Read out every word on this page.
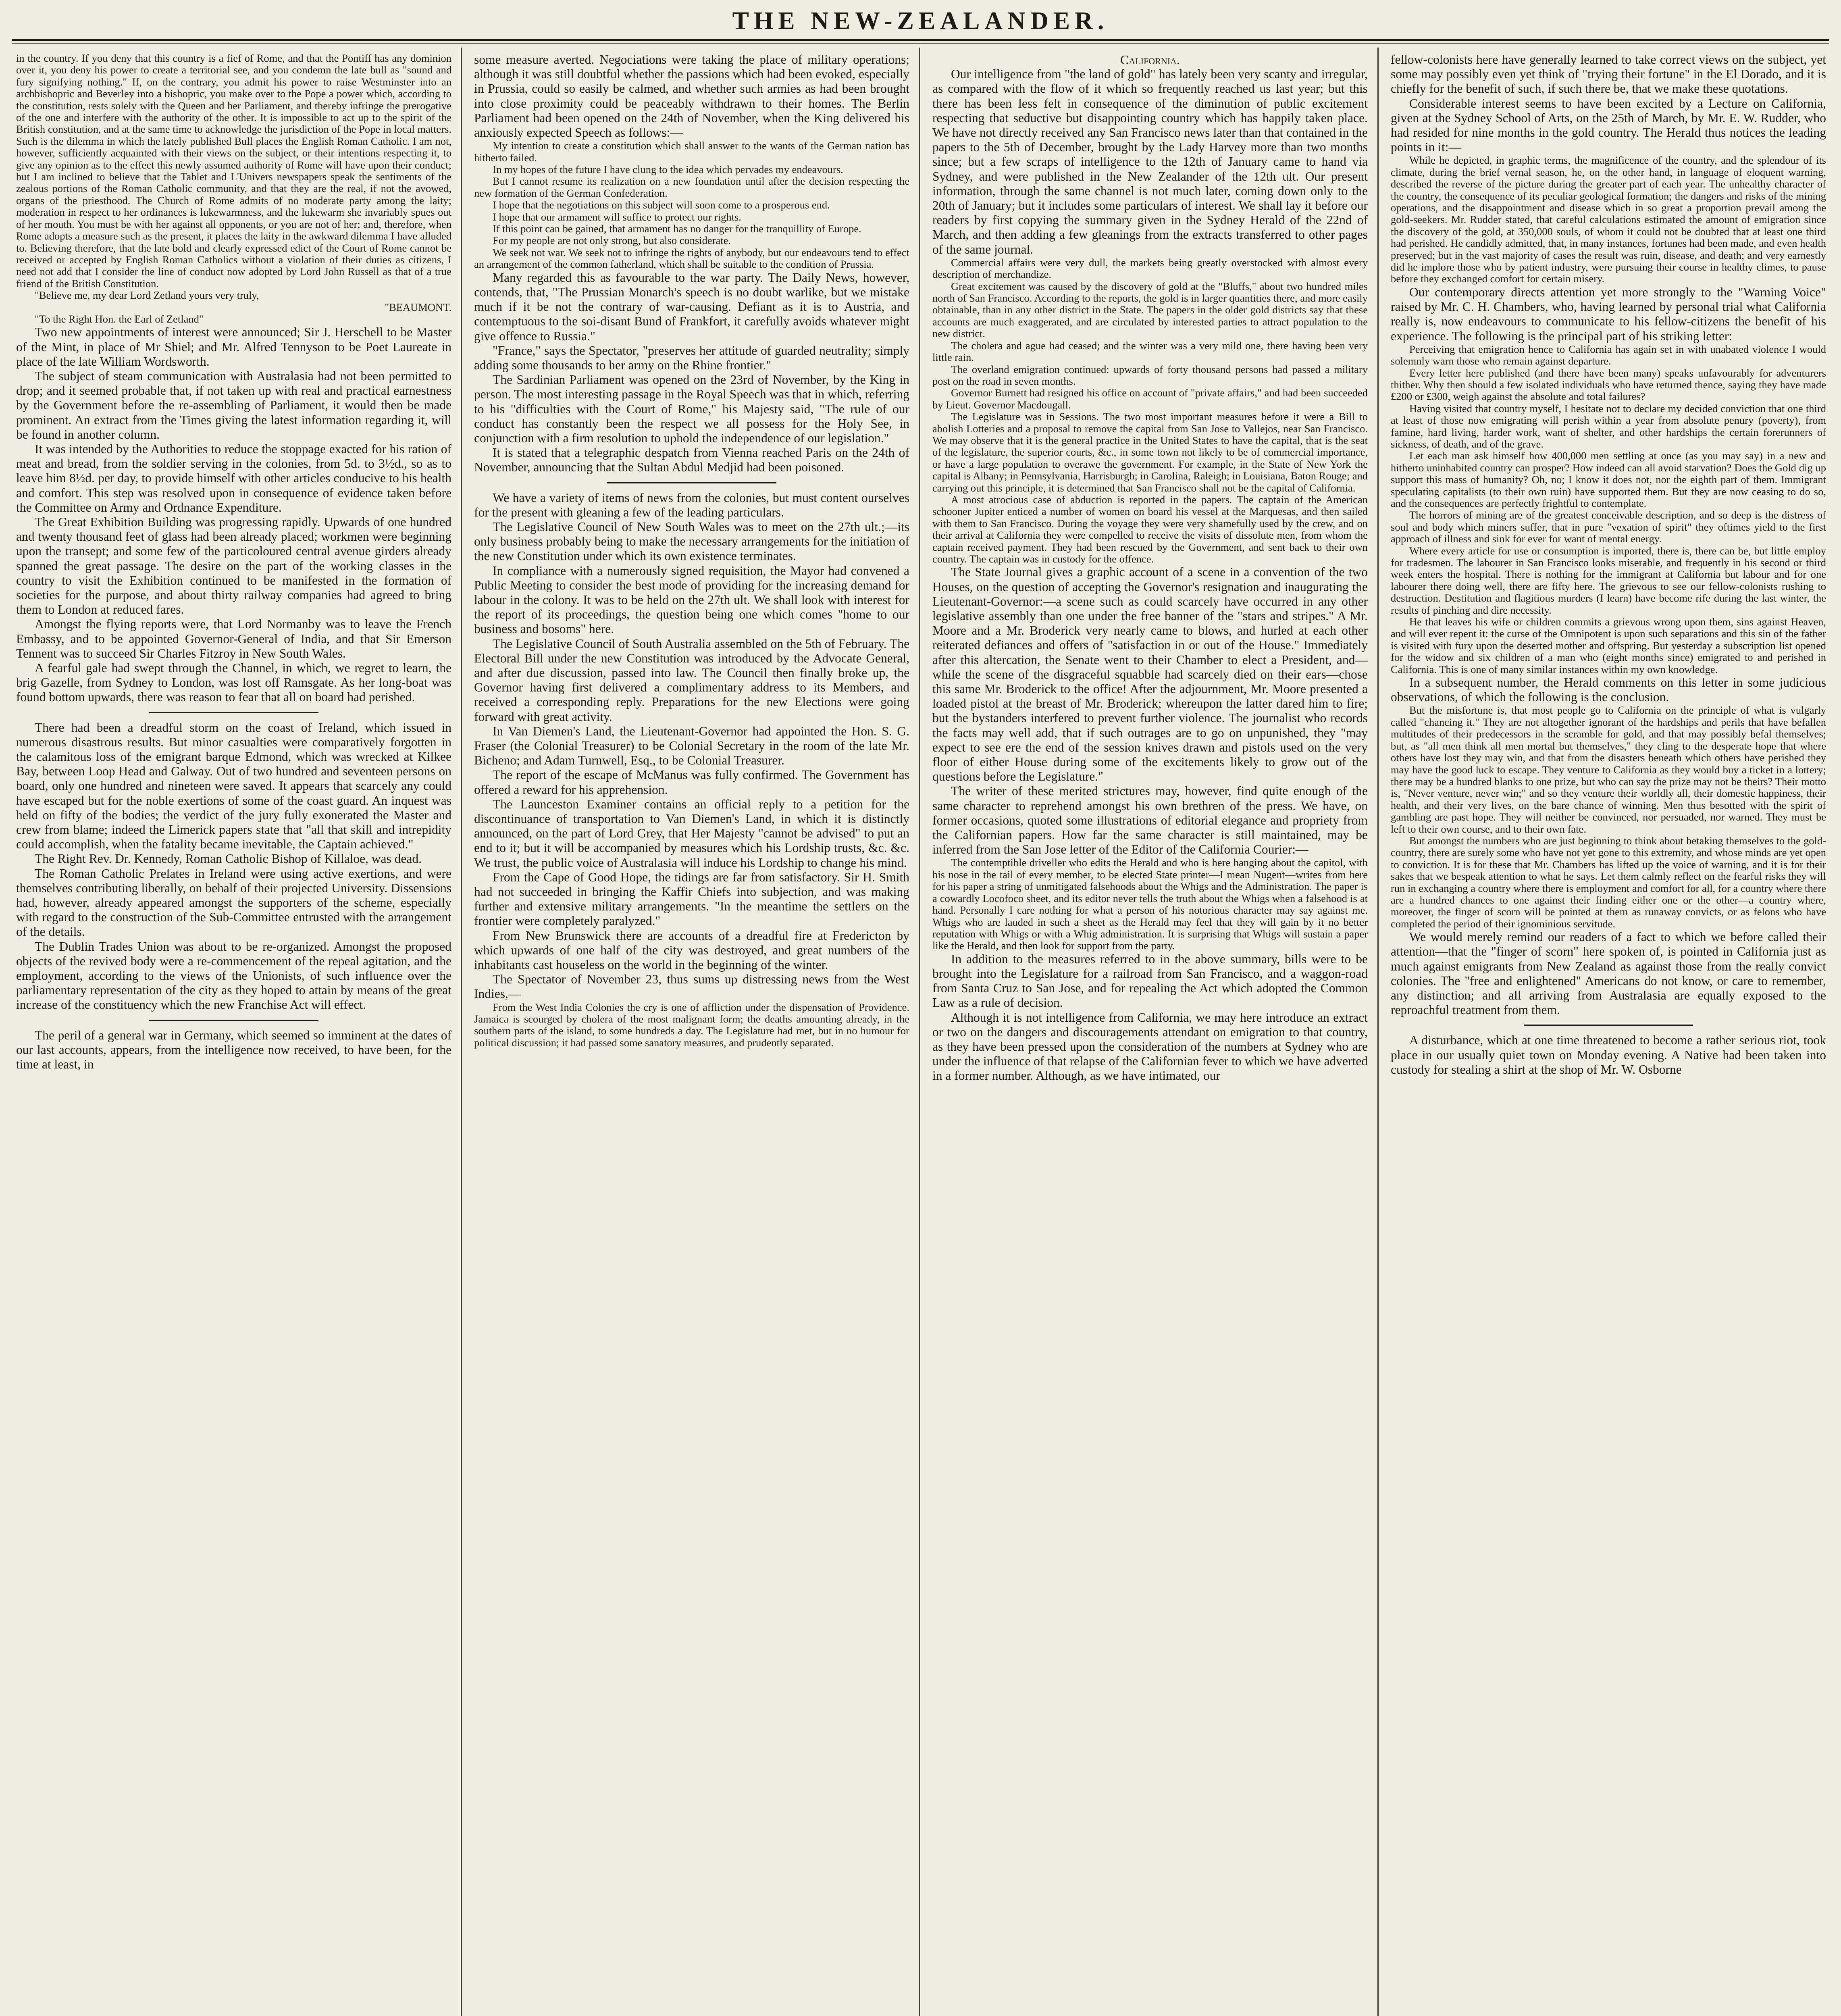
THE NEW-ZEALANDER.

in the country. If you deny that this country is a fief of Rome, and that the Pontiff has any dominion over it, you deny his power to create a territorial see, and you condemn the late bull as "sound and fury signifying nothing." If, on the contrary, you admit his power to raise Westminster into an archbishopric and Beverley into a bishopric, you make over to the Pope a power which, according to the constitution, rests solely with the Queen and her Parliament, and thereby infringe the prerogative of the one and interfere with the authority of the other. It is impossible to act up to the spirit of the British constitution, and at the same time to acknowledge the jurisdiction of the Pope in local matters. Such is the dilemma in which the lately published Bull places the English Roman Catholic. I am not, however, sufficiently acquainted with their views on the subject, or their intentions respecting it, to give any opinion as to the effect this newly assumed authority of Rome will have upon their conduct; but I am inclined to believe that the Tablet and L'Univers newspapers speak the sentiments of the zealous portions of the Roman Catholic community, and that they are the real, if not the avowed, organs of the priesthood. The Church of Rome admits of no moderate party among the laity; moderation in respect to her ordinances is lukewarmness, and the lukewarm she invariably spues out of her mouth. You must be with her against all opponents, or you are not of her; and, therefore, when Rome adopts a measure such as the present, it places the laity in the awkward dilemma I have alluded to. Believing therefore, that the late bold and clearly expressed edict of the Court of Rome cannot be received or accepted by English Roman Catholics without a violation of their duties as citizens, I need not add that I consider the line of conduct now adopted by Lord John Russell as that of a true friend of the British Constitution.

"Believe me, my dear Lord Zetland yours very truly,

"BEAUMONT.

"To the Right Hon. the Earl of Zetland"

Two new appointments of interest were announced; Sir J. Herschell to be Master of the Mint, in place of Mr Shiel; and Mr. Alfred Tennyson to be Poet Laureate in place of the late William Wordsworth.

The subject of steam communication with Australasia had not been permitted to drop; and it seemed probable that, if not taken up with real and practical earnestness by the Government before the re-assembling of Parliament, it would then be made prominent. An extract from the Times giving the latest information regarding it, will be found in another column.

It was intended by the Authorities to reduce the stoppage exacted for his ration of meat and bread, from the soldier serving in the colonies, from 5d. to 3½d., so as to leave him 8½d. per day, to provide himself with other articles conducive to his health and comfort. This step was resolved upon in consequence of evidence taken before the Committee on Army and Ordnance Expenditure.

The Great Exhibition Building was progressing rapidly. Upwards of one hundred and twenty thousand feet of glass had been already placed; workmen were beginning upon the transept; and some few of the particoloured central avenue girders already spanned the great passage. The desire on the part of the working classes in the country to visit the Exhibition continued to be manifested in the formation of societies for the purpose, and about thirty railway companies had agreed to bring them to London at reduced fares.

Amongst the flying reports were, that Lord Normanby was to leave the French Embassy, and to be appointed Governor-General of India, and that Sir Emerson Tennent was to succeed Sir Charles Fitzroy in New South Wales.

A fearful gale had swept through the Channel, in which, we regret to learn, the brig Gazelle, from Sydney to London, was lost off Ramsgate. As her long-boat was found bottom upwards, there was reason to fear that all on board had perished.

There had been a dreadful storm on the coast of Ireland, which issued in numerous disastrous results. But minor casualties were comparatively forgotten in the calamitous loss of the emigrant barque Edmond, which was wrecked at Kilkee Bay, between Loop Head and Galway. Out of two hundred and seventeen persons on board, only one hundred and nineteen were saved. It appears that scarcely any could have escaped but for the noble exertions of some of the coast guard. An inquest was held on fifty of the bodies; the verdict of the jury fully exonerated the Master and crew from blame; indeed the Limerick papers state that "all that skill and intrepidity could accomplish, when the fatality became inevitable, the Captain achieved."

The Right Rev. Dr. Kennedy, Roman Catholic Bishop of Killaloe, was dead.

The Roman Catholic Prelates in Ireland were using active exertions, and were themselves contributing liberally, on behalf of their projected University. Dissensions had, however, already appeared amongst the supporters of the scheme, especially with regard to the construction of the Sub-Committee entrusted with the arrangement of the details.

The Dublin Trades Union was about to be re-organized. Amongst the proposed objects of the revived body were a re-commencement of the repeal agitation, and the employment, according to the views of the Unionists, of such influence over the parliamentary representation of the city as they hoped to attain by means of the great increase of the constituency which the new Franchise Act will effect.

The peril of a general war in Germany, which seemed so imminent at the dates of our last accounts, appears, from the intelligence now received, to have been, for the time at least, in

some measure averted. Negociations were taking the place of military operations; although it was still doubtful whether the passions which had been evoked, especially in Prussia, could so easily be calmed, and whether such armies as had been brought into close proximity could be peaceably withdrawn to their homes. The Berlin Parliament had been opened on the 24th of November, when the King delivered his anxiously expected Speech as follows:—

My intention to create a constitution which shall answer to the wants of the German nation has hitherto failed.

In my hopes of the future I have clung to the idea which pervades my endeavours.

But I cannot resume its realization on a new foundation until after the decision respecting the new formation of the German Confederation.

I hope that the negotiations on this subject will soon come to a prosperous end.

I hope that our armament will suffice to protect our rights.

If this point can be gained, that armament has no danger for the tranquillity of Europe.

For my people are not only strong, but also considerate.

We seek not war. We seek not to infringe the rights of anybody, but our endeavours tend to effect an arrangement of the common fatherland, which shall be suitable to the condition of Prussia.

Many regarded this as favourable to the war party. The Daily News, however, contends, that, "The Prussian Monarch's speech is no doubt warlike, but we mistake much if it be not the contrary of war-causing. Defiant as it is to Austria, and contemptuous to the soi-disant Bund of Frankfort, it carefully avoids whatever might give offence to Russia."

"France," says the Spectator, "preserves her attitude of guarded neutrality; simply adding some thousands to her army on the Rhine frontier."

The Sardinian Parliament was opened on the 23rd of November, by the King in person. The most interesting passage in the Royal Speech was that in which, referring to his "difficulties with the Court of Rome," his Majesty said, "The rule of our conduct has constantly been the respect we all possess for the Holy See, in conjunction with a firm resolution to uphold the independence of our legislation."

It is stated that a telegraphic despatch from Vienna reached Paris on the 24th of November, announcing that the Sultan Abdul Medjid had been poisoned.

We have a variety of items of news from the colonies, but must content ourselves for the present with gleaning a few of the leading particulars.

The Legislative Council of New South Wales was to meet on the 27th ult.;—its only business probably being to make the necessary arrangements for the initiation of the new Constitution under which its own existence terminates.

In compliance with a numerously signed requisition, the Mayor had convened a Public Meeting to consider the best mode of providing for the increasing demand for labour in the colony. It was to be held on the 27th ult. We shall look with interest for the report of its proceedings, the question being one which comes "home to our business and bosoms" here.

The Legislative Council of South Australia assembled on the 5th of February. The Electoral Bill under the new Constitution was introduced by the Advocate General, and after due discussion, passed into law. The Council then finally broke up, the Governor having first delivered a complimentary address to its Members, and received a corresponding reply. Preparations for the new Elections were going forward with great activity.

In Van Diemen's Land, the Lieutenant-Governor had appointed the Hon. S. G. Fraser (the Colonial Treasurer) to be Colonial Secretary in the room of the late Mr. Bicheno; and Adam Turnwell, Esq., to be Colonial Treasurer.

The report of the escape of McManus was fully confirmed. The Government has offered a reward for his apprehension.

The Launceston Examiner contains an official reply to a petition for the discontinuance of transportation to Van Diemen's Land, in which it is distinctly announced, on the part of Lord Grey, that Her Majesty "cannot be advised" to put an end to it; but it will be accompanied by measures which his Lordship trusts, &c. &c. We trust, the public voice of Australasia will induce his Lordship to change his mind.

From the Cape of Good Hope, the tidings are far from satisfactory. Sir H. Smith had not succeeded in bringing the Kaffir Chiefs into subjection, and was making further and extensive military arrangements. "In the meantime the settlers on the frontier were completely paralyzed."

From New Brunswick there are accounts of a dreadful fire at Fredericton by which upwards of one half of the city was destroyed, and great numbers of the inhabitants cast houseless on the world in the beginning of the winter.

The Spectator of November 23, thus sums up distressing news from the West Indies,—

From the West India Colonies the cry is one of affliction under the dispensation of Providence. Jamaica is scourged by cholera of the most malignant form; the deaths amounting already, in the southern parts of the island, to some hundreds a day. The Legislature had met, but in no humour for political discussion; it had passed some sanatory measures, and prudently separated.

California.

Our intelligence from "the land of gold" has lately been very scanty and irregular, as compared with the flow of it which so frequently reached us last year; but this there has been less felt in consequence of the diminution of public excitement respecting that seductive but disappointing country which has happily taken place. We have not directly received any San Francisco news later than that contained in the papers to the 5th of December, brought by the Lady Harvey more than two months since; but a few scraps of intelligence to the 12th of January came to hand via Sydney, and were published in the New Zealander of the 12th ult. Our present information, through the same channel is not much later, coming down only to the 20th of January; but it includes some particulars of interest. We shall lay it before our readers by first copying the summary given in the Sydney Herald of the 22nd of March, and then adding a few gleanings from the extracts transferred to other pages of the same journal.

Commercial affairs were very dull, the markets being greatly overstocked with almost every description of merchandize.

Great excitement was caused by the discovery of gold at the "Bluffs," about two hundred miles north of San Francisco. According to the reports, the gold is in larger quantities there, and more easily obtainable, than in any other district in the State. The papers in the older gold districts say that these accounts are much exaggerated, and are circulated by interested parties to attract population to the new district.

The cholera and ague had ceased; and the winter was a very mild one, there having been very little rain.

The overland emigration continued: upwards of forty thousand persons had passed a military post on the road in seven months.

Governor Burnett had resigned his office on account of "private affairs," and had been succeeded by Lieut. Governor Macdougall.

The Legislature was in Sessions. The two most important measures before it were a Bill to abolish Lotteries and a proposal to remove the capital from San Jose to Vallejos, near San Francisco. We may observe that it is the general practice in the United States to have the capital, that is the seat of the legislature, the superior courts, &c., in some town not likely to be of commercial importance, or have a large population to overawe the government. For example, in the State of New York the capital is Albany; in Pennsylvania, Harrisburgh; in Carolina, Raleigh; in Louisiana, Baton Rouge; and carrying out this principle, it is determined that San Francisco shall not be the capital of California.

A most atrocious case of abduction is reported in the papers. The captain of the American schooner Jupiter enticed a number of women on board his vessel at the Marquesas, and then sailed with them to San Francisco. During the voyage they were very shamefully used by the crew, and on their arrival at California they were compelled to receive the visits of dissolute men, from whom the captain received payment. They had been rescued by the Government, and sent back to their own country. The captain was in custody for the offence.

The State Journal gives a graphic account of a scene in a convention of the two Houses, on the question of accepting the Governor's resignation and inaugurating the Lieutenant-Governor:—a scene such as could scarcely have occurred in any other legislative assembly than one under the free banner of the "stars and stripes." A Mr. Moore and a Mr. Broderick very nearly came to blows, and hurled at each other reiterated defiances and offers of "satisfaction in or out of the House." Immediately after this altercation, the Senate went to their Chamber to elect a President, and—while the scene of the disgraceful squabble had scarcely died on their ears—chose this same Mr. Broderick to the office! After the adjournment, Mr. Moore presented a loaded pistol at the breast of Mr. Broderick; whereupon the latter dared him to fire; but the bystanders interfered to prevent further violence. The journalist who records the facts may well add, that if such outrages are to go on unpunished, they "may expect to see ere the end of the session knives drawn and pistols used on the very floor of either House during some of the excitements likely to grow out of the questions before the Legislature."

The writer of these merited strictures may, however, find quite enough of the same character to reprehend amongst his own brethren of the press. We have, on former occasions, quoted some illustrations of editorial elegance and propriety from the Californian papers. How far the same character is still maintained, may be inferred from the San Jose letter of the Editor of the California Courier:—

The contemptible driveller who edits the Herald and who is here hanging about the capitol, with his nose in the tail of every member, to be elected State printer—I mean Nugent—writes from here for his paper a string of unmitigated falsehoods about the Whigs and the Administration. The paper is a cowardly Locofoco sheet, and its editor never tells the truth about the Whigs when a falsehood is at hand. Personally I care nothing for what a person of his notorious character may say against me. Whigs who are lauded in such a sheet as the Herald may feel that they will gain by it no better reputation with Whigs or with a Whig administration. It is surprising that Whigs will sustain a paper like the Herald, and then look for support from the party.

In addition to the measures referred to in the above summary, bills were to be brought into the Legislature for a railroad from San Francisco, and a waggon-road from Santa Cruz to San Jose, and for repealing the Act which adopted the Common Law as a rule of decision.

Although it is not intelligence from California, we may here introduce an extract or two on the dangers and discouragements attendant on emigration to that country, as they have been pressed upon the consideration of the numbers at Sydney who are under the influence of that relapse of the Californian fever to which we have adverted in a former number. Although, as we have intimated, our

fellow-colonists here have generally learned to take correct views on the subject, yet some may possibly even yet think of "trying their fortune" in the El Dorado, and it is chiefly for the benefit of such, if such there be, that we make these quotations.

Considerable interest seems to have been excited by a Lecture on California, given at the Sydney School of Arts, on the 25th of March, by Mr. E. W. Rudder, who had resided for nine months in the gold country. The Herald thus notices the leading points in it:—

While he depicted, in graphic terms, the magnificence of the country, and the splendour of its climate, during the brief vernal season, he, on the other hand, in language of eloquent warning, described the reverse of the picture during the greater part of each year. The unhealthy character of the country, the consequence of its peculiar geological formation; the dangers and risks of the mining operations, and the disappointment and disease which in so great a proportion prevail among the gold-seekers. Mr. Rudder stated, that careful calculations estimated the amount of emigration since the discovery of the gold, at 350,000 souls, of whom it could not be doubted that at least one third had perished. He candidly admitted, that, in many instances, fortunes had been made, and even health preserved; but in the vast majority of cases the result was ruin, disease, and death; and very earnestly did he implore those who by patient industry, were pursuing their course in healthy climes, to pause before they exchanged comfort for certain misery.

Our contemporary directs attention yet more strongly to the "Warning Voice" raised by Mr. C. H. Chambers, who, having learned by personal trial what California really is, now endeavours to communicate to his fellow-citizens the benefit of his experience. The following is the principal part of his striking letter:

Perceiving that emigration hence to California has again set in with unabated violence I would solemnly warn those who remain against departure.

Every letter here published (and there have been many) speaks unfavourably for adventurers thither. Why then should a few isolated individuals who have returned thence, saying they have made £200 or £300, weigh against the absolute and total failures?

Having visited that country myself, I hesitate not to declare my decided conviction that one third at least of those now emigrating will perish within a year from absolute penury (poverty), from famine, hard living, harder work, want of shelter, and other hardships the certain forerunners of sickness, of death, and of the grave.

Let each man ask himself how 400,000 men settling at once (as you may say) in a new and hitherto uninhabited country can prosper? How indeed can all avoid starvation? Does the Gold dig up support this mass of humanity? Oh, no; I know it does not, nor the eighth part of them. Immigrant speculating capitalists (to their own ruin) have supported them. But they are now ceasing to do so, and the consequences are perfectly frightful to contemplate.

The horrors of mining are of the greatest conceivable description, and so deep is the distress of soul and body which miners suffer, that in pure "vexation of spirit" they oftimes yield to the first approach of illness and sink for ever for want of mental energy.

Where every article for use or consumption is imported, there is, there can be, but little employ for tradesmen. The labourer in San Francisco looks miserable, and frequently in his second or third week enters the hospital. There is nothing for the immigrant at California but labour and for one labourer there doing well, there are fifty here. The grievous to see our fellow-colonists rushing to destruction. Destitution and flagitious murders (I learn) have become rife during the last winter, the results of pinching and dire necessity.

He that leaves his wife or children commits a grievous wrong upon them, sins against Heaven, and will ever repent it: the curse of the Omnipotent is upon such separations and this sin of the father is visited with fury upon the deserted mother and offspring. But yesterday a subscription list opened for the widow and six children of a man who (eight months since) emigrated to and perished in California. This is one of many similar instances within my own knowledge.

In a subsequent number, the Herald comments on this letter in some judicious observations, of which the following is the conclusion.

But the misfortune is, that most people go to California on the principle of what is vulgarly called "chancing it." They are not altogether ignorant of the hardships and perils that have befallen multitudes of their predecessors in the scramble for gold, and that may possibly befal themselves; but, as "all men think all men mortal but themselves," they cling to the desperate hope that where others have lost they may win, and that from the disasters beneath which others have perished they may have the good luck to escape. They venture to California as they would buy a ticket in a lottery; there may be a hundred blanks to one prize, but who can say the prize may not be theirs? Their motto is, "Never venture, never win;" and so they venture their worldly all, their domestic happiness, their health, and their very lives, on the bare chance of winning. Men thus besotted with the spirit of gambling are past hope. They will neither be convinced, nor persuaded, nor warned. They must be left to their own course, and to their own fate.

But amongst the numbers who are just beginning to think about betaking themselves to the gold-country, there are surely some who have not yet gone to this extremity, and whose minds are yet open to conviction. It is for these that Mr. Chambers has lifted up the voice of warning, and it is for their sakes that we bespeak attention to what he says. Let them calmly reflect on the fearful risks they will run in exchanging a country where there is employment and comfort for all, for a country where there are a hundred chances to one against their finding either one or the other—a country where, moreover, the finger of scorn will be pointed at them as runaway convicts, or as felons who have completed the period of their ignominious servitude.

We would merely remind our readers of a fact to which we before called their attention—that the "finger of scorn" here spoken of, is pointed in California just as much against emigrants from New Zealand as against those from the really convict colonies. The "free and enlightened" Americans do not know, or care to remember, any distinction; and all arriving from Australasia are equally exposed to the reproachful treatment from them.

A disturbance, which at one time threatened to become a rather serious riot, took place in our usually quiet town on Monday evening. A Native had been taken into custody for stealing a shirt at the shop of Mr. W. Osborne
